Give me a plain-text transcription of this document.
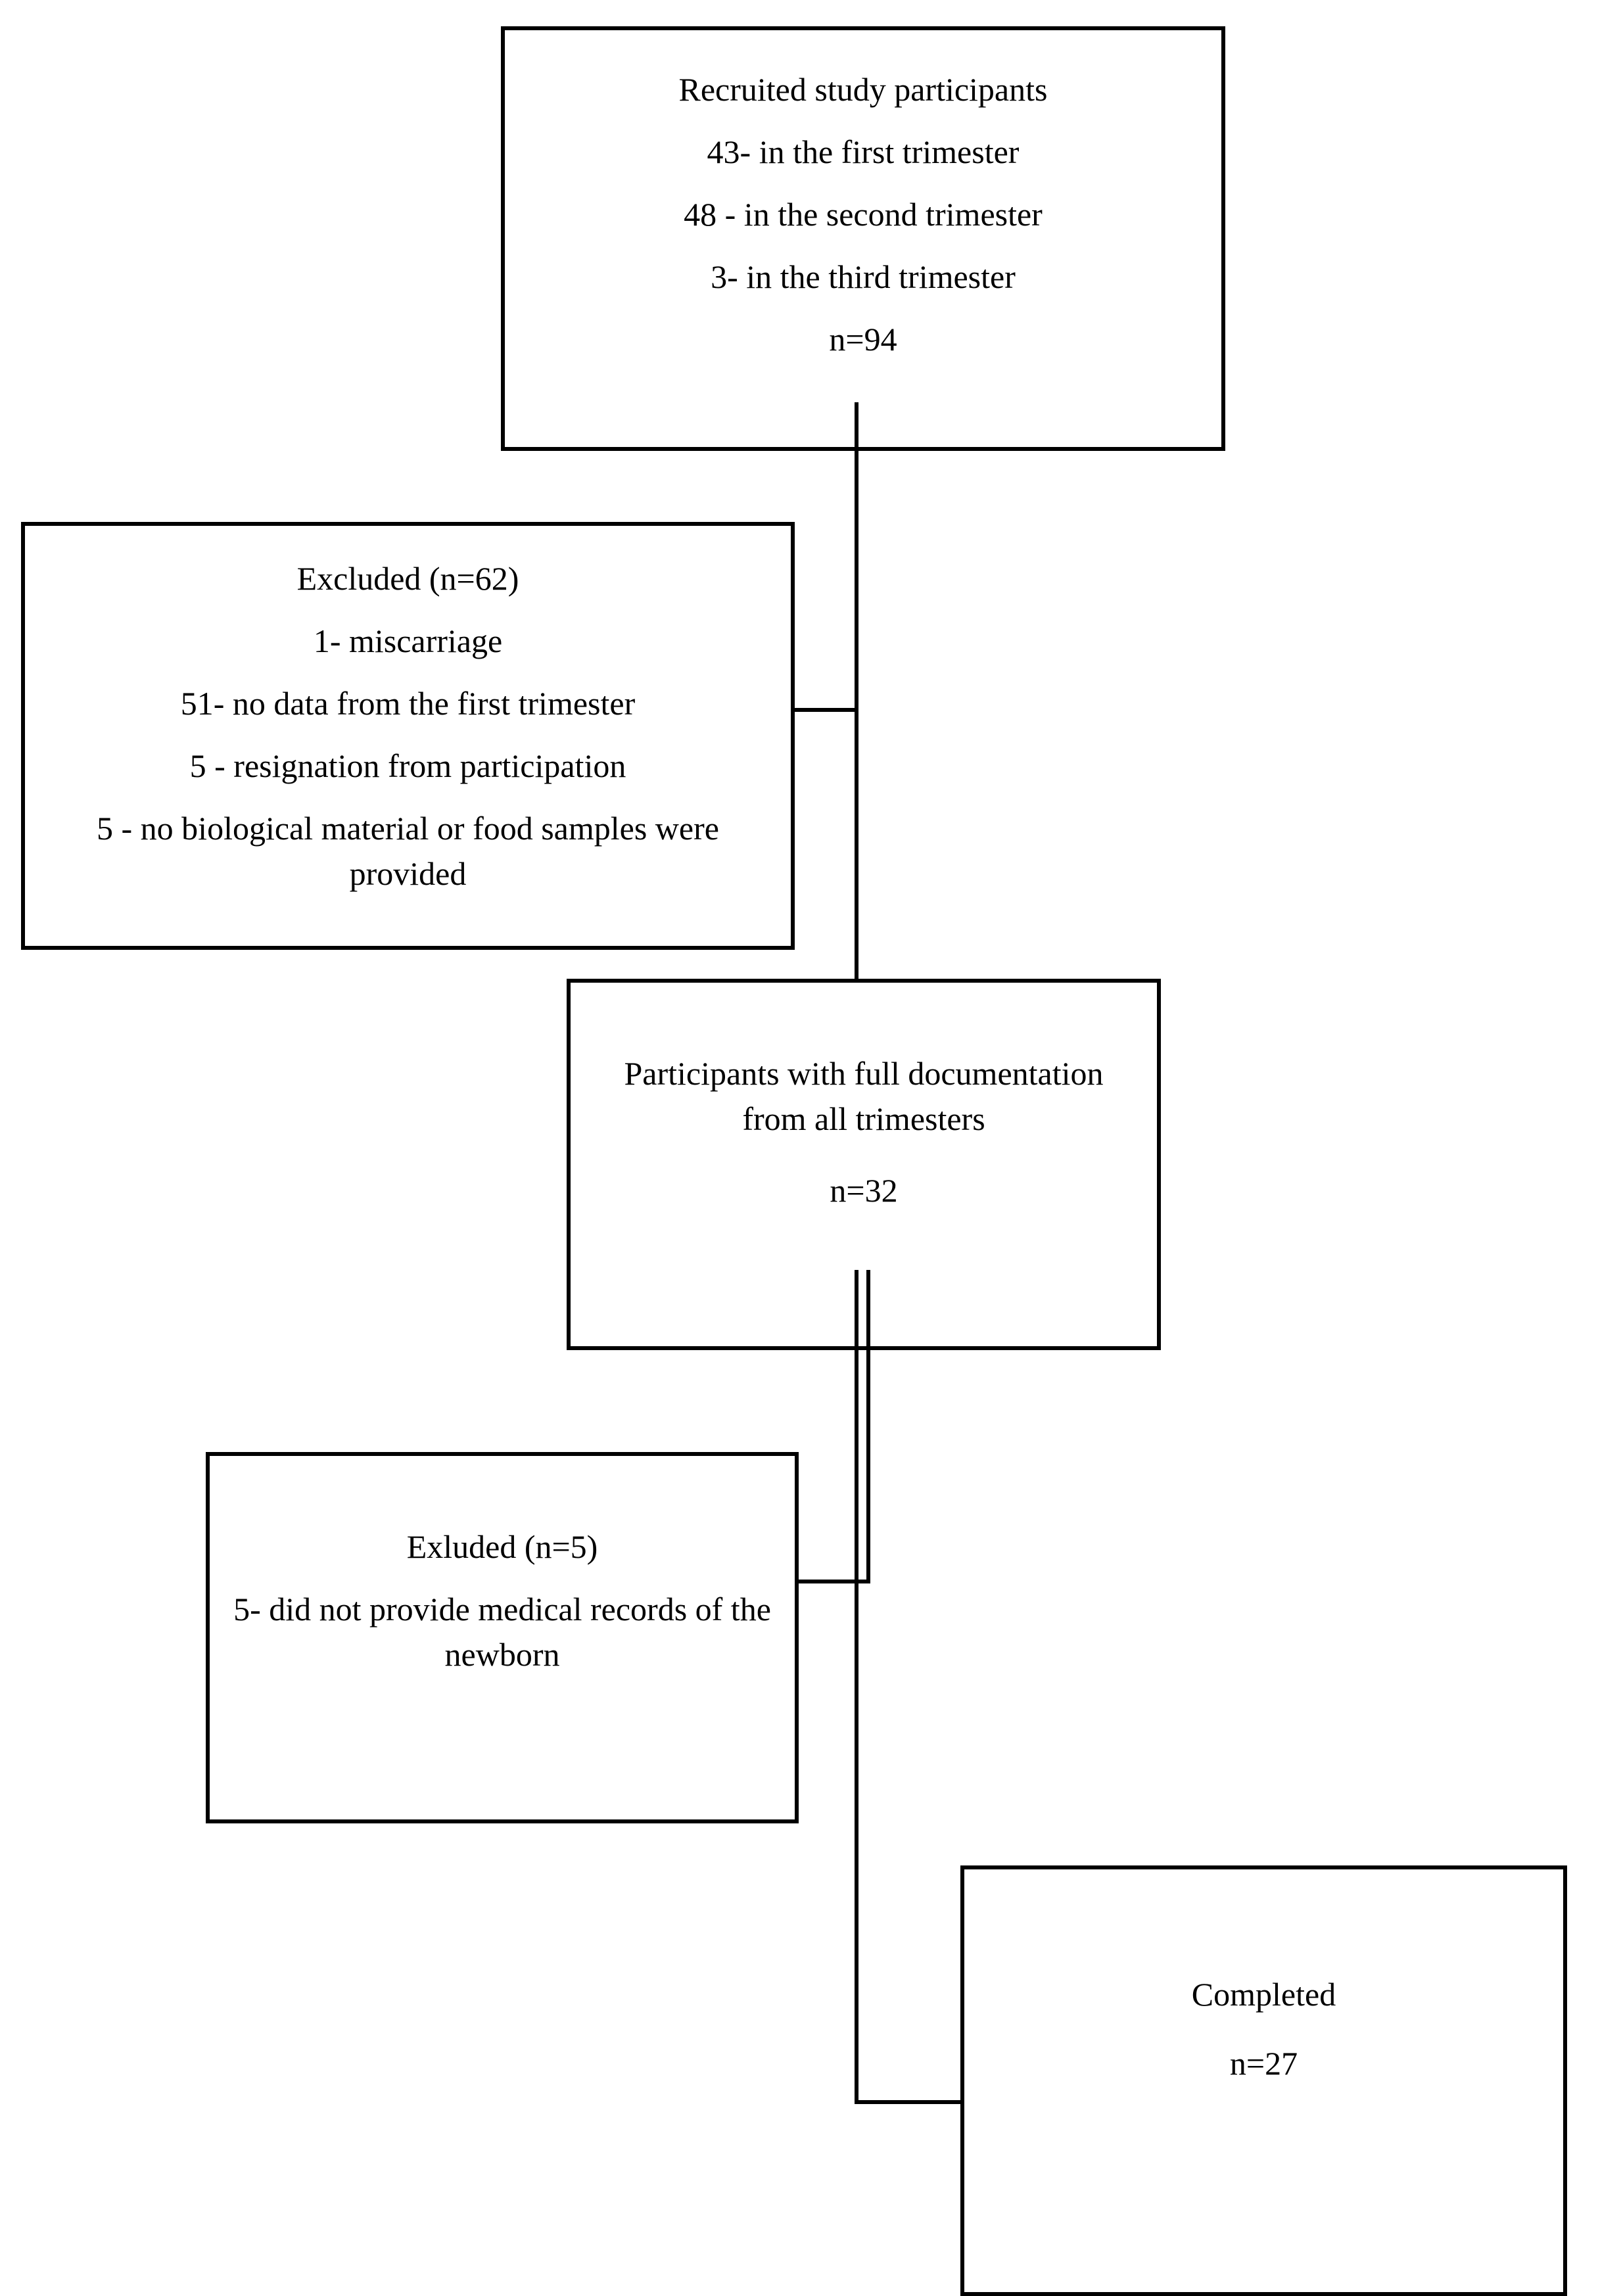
Recruited study participants
43- in the first trimester
48 - in the second trimester
3- in the third trimester
n=94
Excluded (n=62)
1- miscarriage
51- no data from the first trimester
5 - resignation from participation
5 - no biological material or food samples were provided
Participants with full documentation from all trimesters
n=32
Exluded (n=5)
5- did not provide medical records of the newborn
Completed
n=27
